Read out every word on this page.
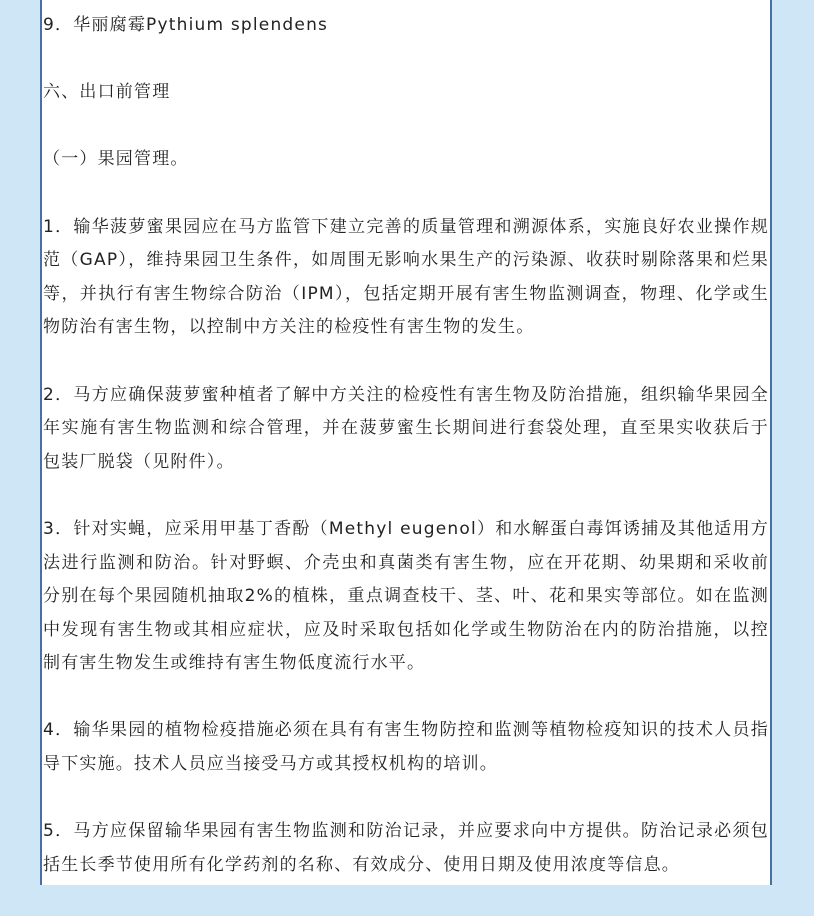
9．华丽腐霉Pythium splendens

六、出口前管理

（一）果园管理。

1．输华菠萝蜜果园应在马方监管下建立完善的质量管理和溯源体系，实施良好农业操作规范（GAP），维持果园卫生条件，如周围无影响水果生产的污染源、收获时剔除落果和烂果等，并执行有害生物综合防治（IPM），包括定期开展有害生物监测调查，物理、化学或生物防治有害生物，以控制中方关注的检疫性有害生物的发生。

2．马方应确保菠萝蜜种植者了解中方关注的检疫性有害生物及防治措施，组织输华果园全年实施有害生物监测和综合管理，并在菠萝蜜生长期间进行套袋处理，直至果实收获后于包装厂脱袋（见附件）。

3．针对实蝇，应采用甲基丁香酚（Methyl eugenol）和水解蛋白毒饵诱捕及其他适用方法进行监测和防治。针对野螟、介壳虫和真菌类有害生物，应在开花期、幼果期和采收前分别在每个果园随机抽取2%的植株，重点调查枝干、茎、叶、花和果实等部位。如在监测中发现有害生物或其相应症状，应及时采取包括如化学或生物防治在内的防治措施，以控制有害生物发生或维持有害生物低度流行水平。

4．输华果园的植物检疫措施必须在具有有害生物防控和监测等植物检疫知识的技术人员指导下实施。技术人员应当接受马方或其授权机构的培训。

5．马方应保留输华果园有害生物监测和防治记录，并应要求向中方提供。防治记录必须包括生长季节使用所有化学药剂的名称、有效成分、使用日期及使用浓度等信息。
